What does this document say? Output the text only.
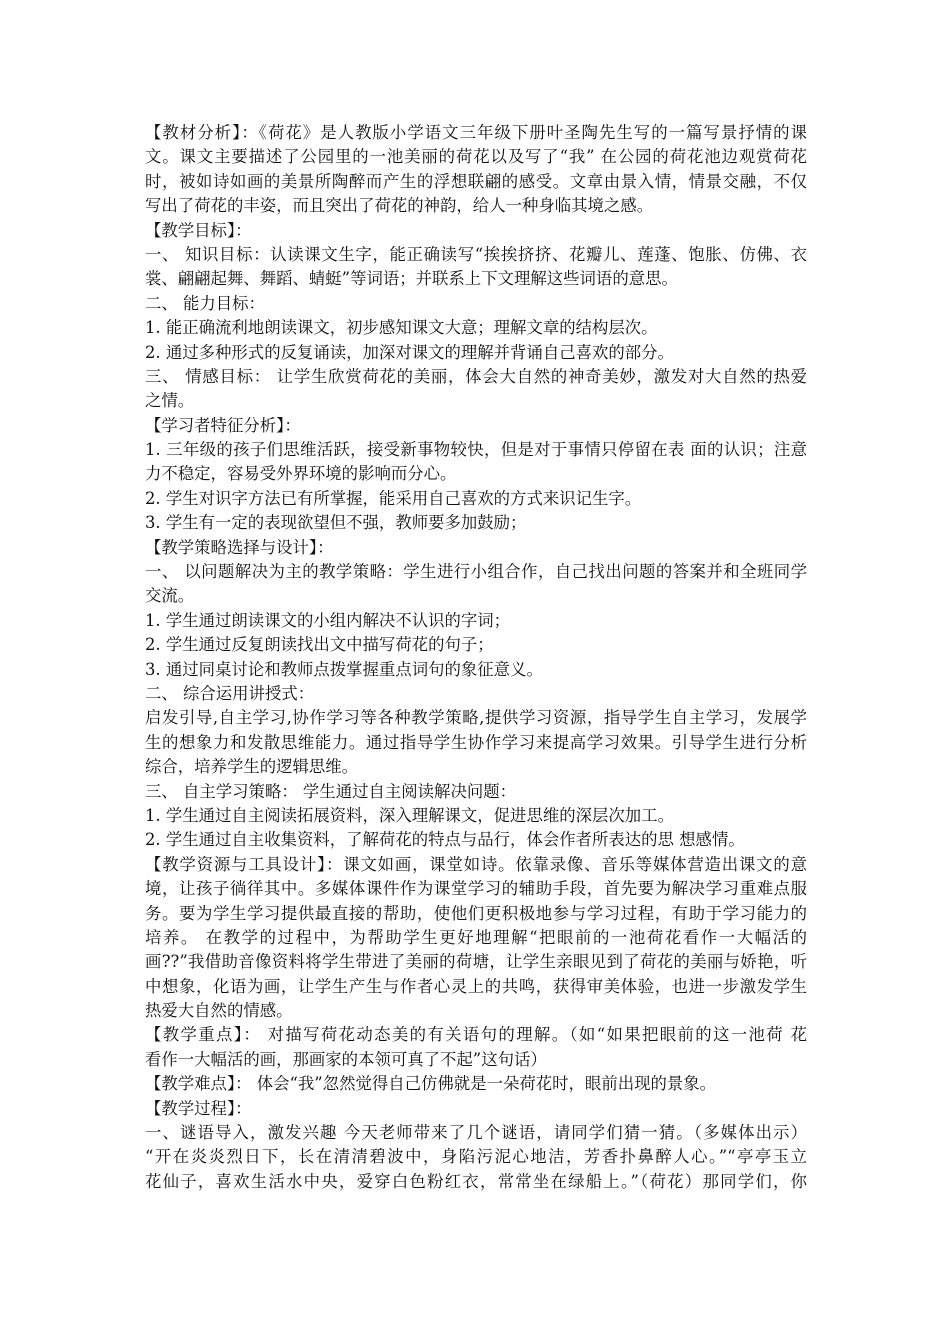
【教材分析】：《荷花》是人教版小学语文三年级下册叶圣陶先生写的一篇写景抒情的课
文。课文主要描述了公园里的一池美丽的荷花以及写了“我” 在公园的荷花池边观赏荷花
时，被如诗如画的美景所陶醉而产生的浮想联翩的感受。文章由景入情，情景交融，不仅
写出了荷花的丰姿，而且突出了荷花的神韵，给人一种身临其境之感。
【教学目标】：
一、 知识目标：认读课文生字，能正确读写“挨挨挤挤、花瓣儿、莲蓬、饱胀、仿佛、衣
裳、翩翩起舞、舞蹈、蜻蜓”等词语；并联系上下文理解这些词语的意思。
二、 能力目标：
1. 能正确流利地朗读课文，初步感知课文大意；理解文章的结构层次。
2. 通过多种形式的反复诵读，加深对课文的理解并背诵自己喜欢的部分。
三、 情感目标： 让学生欣赏荷花的美丽，体会大自然的神奇美妙，激发对大自然的热爱
之情。
【学习者特征分析】：
1. 三年级的孩子们思维活跃，接受新事物较快，但是对于事情只停留在表 面的认识；注意
力不稳定，容易受外界环境的影响而分心。
2. 学生对识字方法已有所掌握，能采用自己喜欢的方式来识记生字。
3. 学生有一定的表现欲望但不强，教师要多加鼓励；
【教学策略选择与设计】：
一、 以问题解决为主的教学策略：学生进行小组合作，自己找出问题的答案并和全班同学
交流。
1. 学生通过朗读课文的小组内解决不认识的字词；
2. 学生通过反复朗读找出文中描写荷花的句子；
3. 通过同桌讨论和教师点拨掌握重点词句的象征意义。
二、 综合运用讲授式：
启发引导,自主学习,协作学习等各种教学策略,提供学习资源，指导学生自主学习，发展学
生的想象力和发散思维能力。通过指导学生协作学习来提高学习效果。引导学生进行分析
综合，培养学生的逻辑思维。
三、 自主学习策略： 学生通过自主阅读解决问题：
1. 学生通过自主阅读拓展资料，深入理解课文，促进思维的深层次加工。
2. 学生通过自主收集资料，了解荷花的特点与品行，体会作者所表达的思 想感情。
【教学资源与工具设计】：课文如画，课堂如诗。依靠录像、音乐等媒体营造出课文的意
境，让孩子徜徉其中。多媒体课件作为课堂学习的辅助手段，首先要为解决学习重难点服
务。要为学生学习提供最直接的帮助，使他们更积极地参与学习过程，有助于学习能力的
培养。 在教学的过程中，为帮助学生更好地理解“把眼前的一池荷花看作一大幅活的
画??”我借助音像资料将学生带进了美丽的荷塘，让学生亲眼见到了荷花的美丽与娇艳，听
中想象，化语为画，让学生产生与作者心灵上的共鸣，获得审美体验，也进一步激发学生
热爱大自然的情感。
【教学重点】： 对描写荷花动态美的有关语句的理解。（如“如果把眼前的这一池荷 花
看作一大幅活的画，那画家的本领可真了不起”这句话）
【教学难点】： 体会“我”忽然觉得自己仿佛就是一朵荷花时，眼前出现的景象。
【教学过程】：
一、谜语导入，激发兴趣 今天老师带来了几个谜语，请同学们猜一猜。（多媒体出示）
“开在炎炎烈日下，长在清清碧波中，身陷污泥心地洁，芳香扑鼻醉人心。”“亭亭玉立
花仙子，喜欢生活水中央，爱穿白色粉红衣，常常坐在绿船上。”（荷花）那同学们，你
